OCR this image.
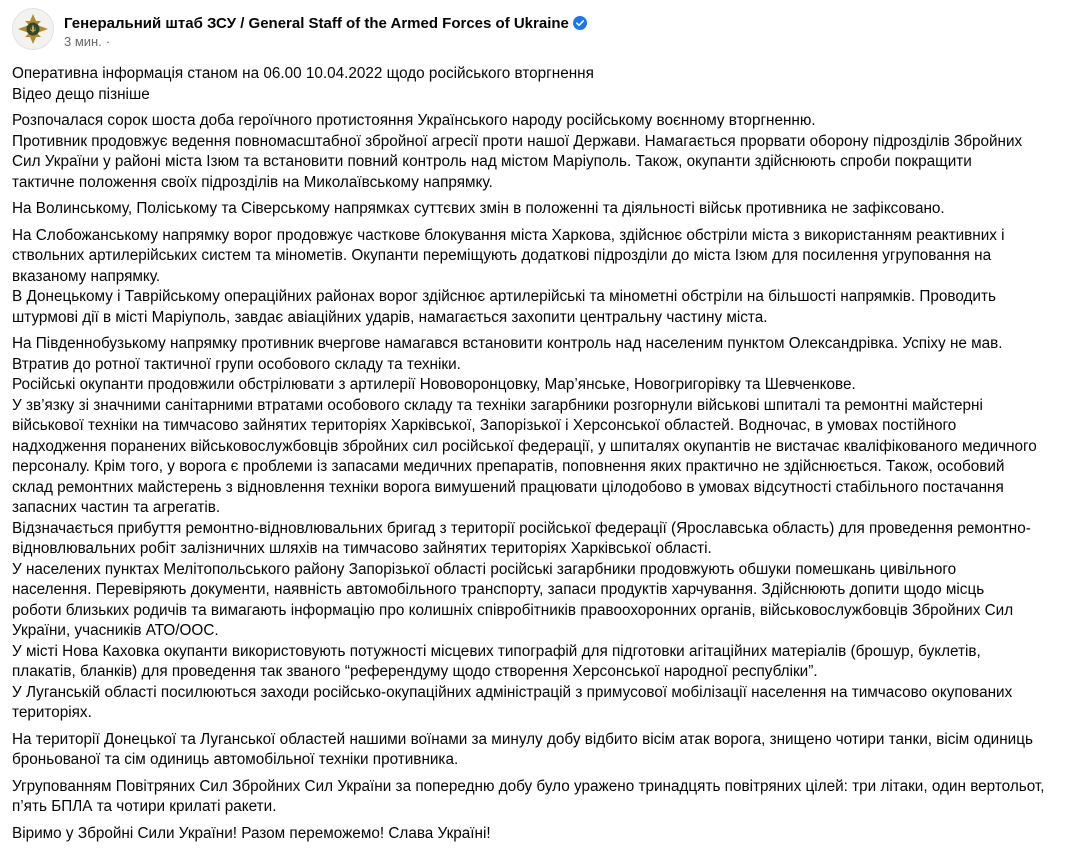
Генеральний штаб ЗСУ / General Staff of the Armed Forces of Ukraine
3 мин. ·
Оперативна інформація станом на 06.00 10.04.2022 щодо російського вторгнення
Відео дещо пізніше
Розпочалася сорок шоста доба героїчного протистояння Українського народу російському воєнному вторгненню.
Противник продовжує ведення повномасштабної збройної агресії проти нашої Держави. Намагається прорвати оборону підрозділів Збройних
Сил України у районі міста Ізюм та встановити повний контроль над містом Маріуполь. Також, окупанти здійснюють спроби покращити
тактичне положення своїх підрозділів на Миколаївському напрямку.
На Волинському, Поліському та Сіверському напрямках суттєвих змін в положенні та діяльності військ противника не зафіксовано.
На Слобожанському напрямку ворог продовжує часткове блокування міста Харкова, здійснює обстріли міста з використанням реактивних і
ствольних артилерійських систем та мінометів. Окупанти переміщують додаткові підрозділи до міста Ізюм для посилення угруповання на
вказаному напрямку.
В Донецькому і Таврійському операційних районах ворог здійснює артилерійські та мінометні обстріли на більшості напрямків. Проводить
штурмові дії в місті Маріуполь, завдає авіаційних ударів, намагається захопити центральну частину міста.
На Південнобузькому напрямку противник вчергове намагався встановити контроль над населеним пунктом Олександрівка. Успіху не мав.
Втратив до ротної тактичної групи особового складу та техніки.
Російські окупанти продовжили обстрілювати з артилерії Нововоронцовку, Мар’янське, Новогригорівку та Шевченкове.
У зв’язку зі значними санітарними втратами особового складу та техніки загарбники розгорнули військові шпиталі та ремонтні майстерні
військової техніки на тимчасово зайнятих територіях Харківської, Запорізької і Херсонської областей. Водночас, в умовах постійного
надходження поранених військовослужбовців збройних сил російської федерації, у шпиталях окупантів не вистачає кваліфікованого медичного
персоналу. Крім того, у ворога є проблеми із запасами медичних препаратів, поповнення яких практично не здійснюється. Також, особовий
склад ремонтних майстерень з відновлення техніки ворога вимушений працювати цілодобово в умовах відсутності стабільного постачання
запасних частин та агрегатів.
Відзначається прибуття ремонтно-відновлювальних бригад з території російської федерації (Ярославська область) для проведення ремонтно-
відновлювальних робіт залізничних шляхів на тимчасово зайнятих територіях Харківської області.
У населених пунктах Мелітопольського району Запорізької області російські загарбники продовжують обшуки помешкань цивільного
населення. Перевіряють документи, наявність автомобільного транспорту, запаси продуктів харчування. Здійснюють допити щодо місць
роботи близьких родичів та вимагають інформацію про колишніх співробітників правоохоронних органів, військовослужбовців Збройних Сил
України, учасників АТО/ООС.
У місті Нова Каховка окупанти використовують потужності місцевих типографій для підготовки агітаційних матеріалів (брошур, буклетів,
плакатів, бланків) для проведення так званого “референдуму щодо створення Херсонської народної республіки”.
У Луганській області посилюються заходи російсько-окупаційних адміністрацій з примусової мобілізації населення на тимчасово окупованих
територіях.
На території Донецької та Луганської областей нашими воїнами за минулу добу відбито вісім атак ворога, знищено чотири танки, вісім одиниць
броньованої та сім одиниць автомобільної техніки противника.
Угрупованням Повітряних Сил Збройних Сил України за попередню добу було уражено тринадцять повітряних цілей: три літаки, один вертольот,
п’ять БПЛА та чотири крилаті ракети.
Віримо у Збройні Сили України! Разом переможемо! Слава Україні!
